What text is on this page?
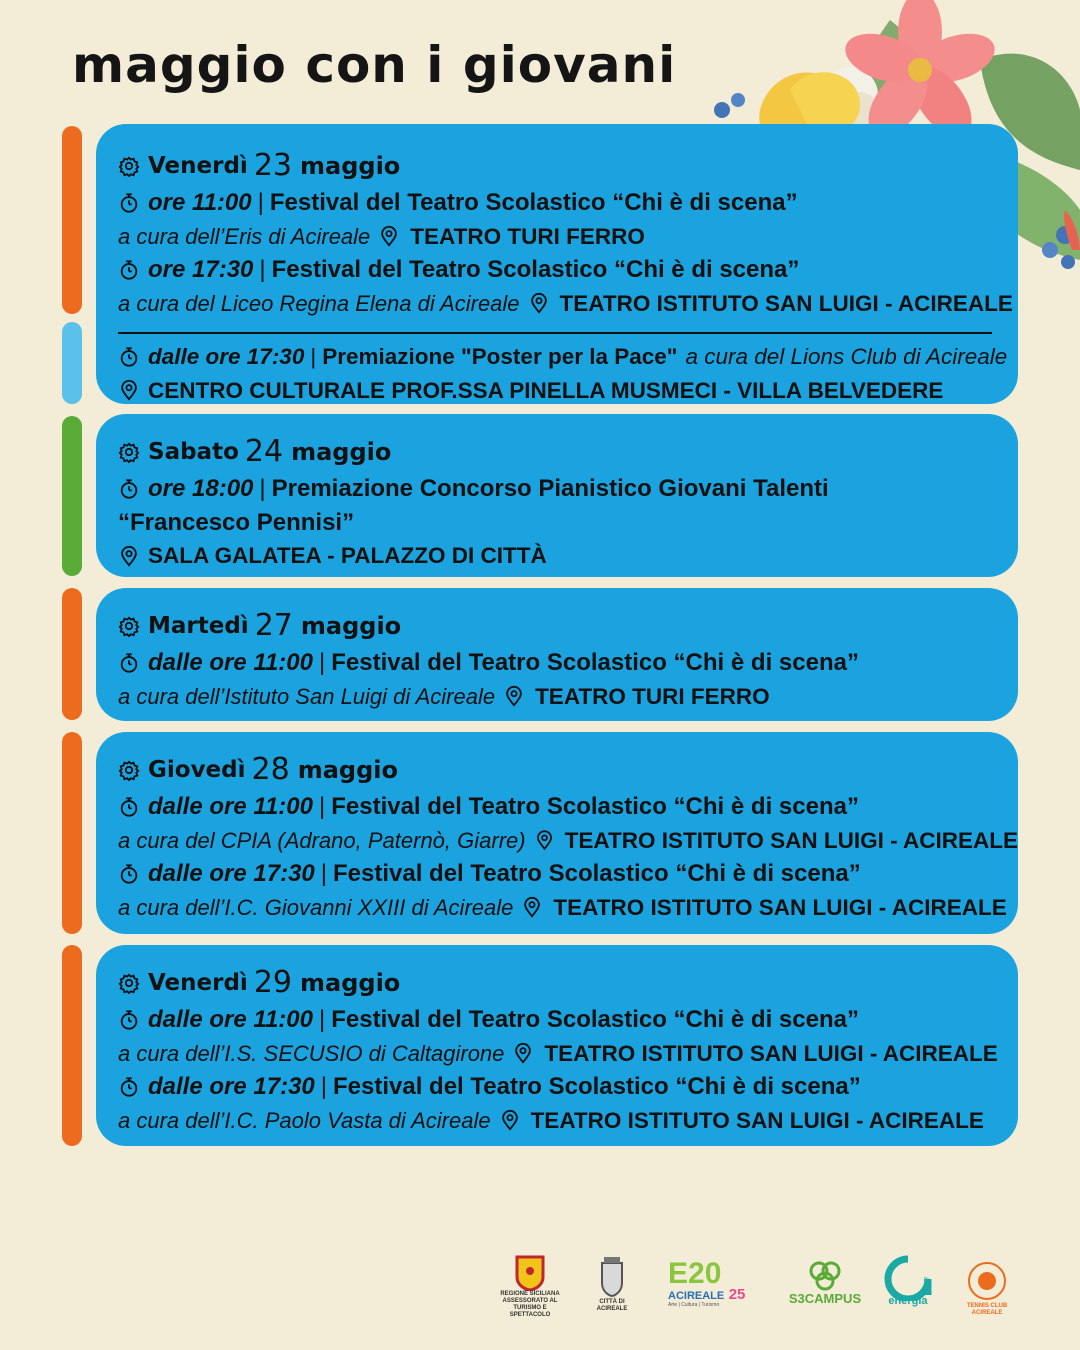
maggio con i giovani
Venerdì 23 maggio
ore 11:00 | Festival del Teatro Scolastico “Chi è di scena”
a cura dell’Eris di Acireale TEATRO TURI FERRO
ore 17:30 | Festival del Teatro Scolastico “Chi è di scena”
a cura del Liceo Regina Elena di Acireale TEATRO ISTITUTO SAN LUIGI - ACIREALE
dalle ore 17:30 | Premiazione "Poster per la Pace" a cura del Lions Club di Acireale
CENTRO CULTURALE PROF.SSA PINELLA MUSMECI - VILLA BELVEDERE
Sabato 24 maggio
ore 18:00 | Premiazione Concorso Pianistico Giovani Talenti
“Francesco Pennisi”
SALA GALATEA - PALAZZO DI CITTÀ
Martedì 27 maggio
dalle ore 11:00 | Festival del Teatro Scolastico “Chi è di scena”
a cura dell’Istituto San Luigi di Acireale TEATRO TURI FERRO
Giovedì 28 maggio
dalle ore 11:00 | Festival del Teatro Scolastico “Chi è di scena”
a cura del CPIA (Adrano, Paternò, Giarre) TEATRO ISTITUTO SAN LUIGI - ACIREALE
dalle ore 17:30 | Festival del Teatro Scolastico “Chi è di scena”
a cura dell’I.C. Giovanni XXIII di Acireale TEATRO ISTITUTO SAN LUIGI - ACIREALE
Venerdì 29 maggio
dalle ore 11:00 | Festival del Teatro Scolastico “Chi è di scena”
a cura dell’I.S. SECUSIO di Caltagirone TEATRO ISTITUTO SAN LUIGI - ACIREALE
dalle ore 17:30 | Festival del Teatro Scolastico “Chi è di scena”
a cura dell’I.C. Paolo Vasta di Acireale TEATRO ISTITUTO SAN LUIGI - ACIREALE
REGIONE SICILIANA ASSESSORATO AL TURISMO E SPETTACOLO
CITTÀ DI ACIREALE
E20
ACIREALE 25
Arte | Cultura | Turismo	S3CAMPUS
acea
energia	TENNIS CLUB ACIREALE
